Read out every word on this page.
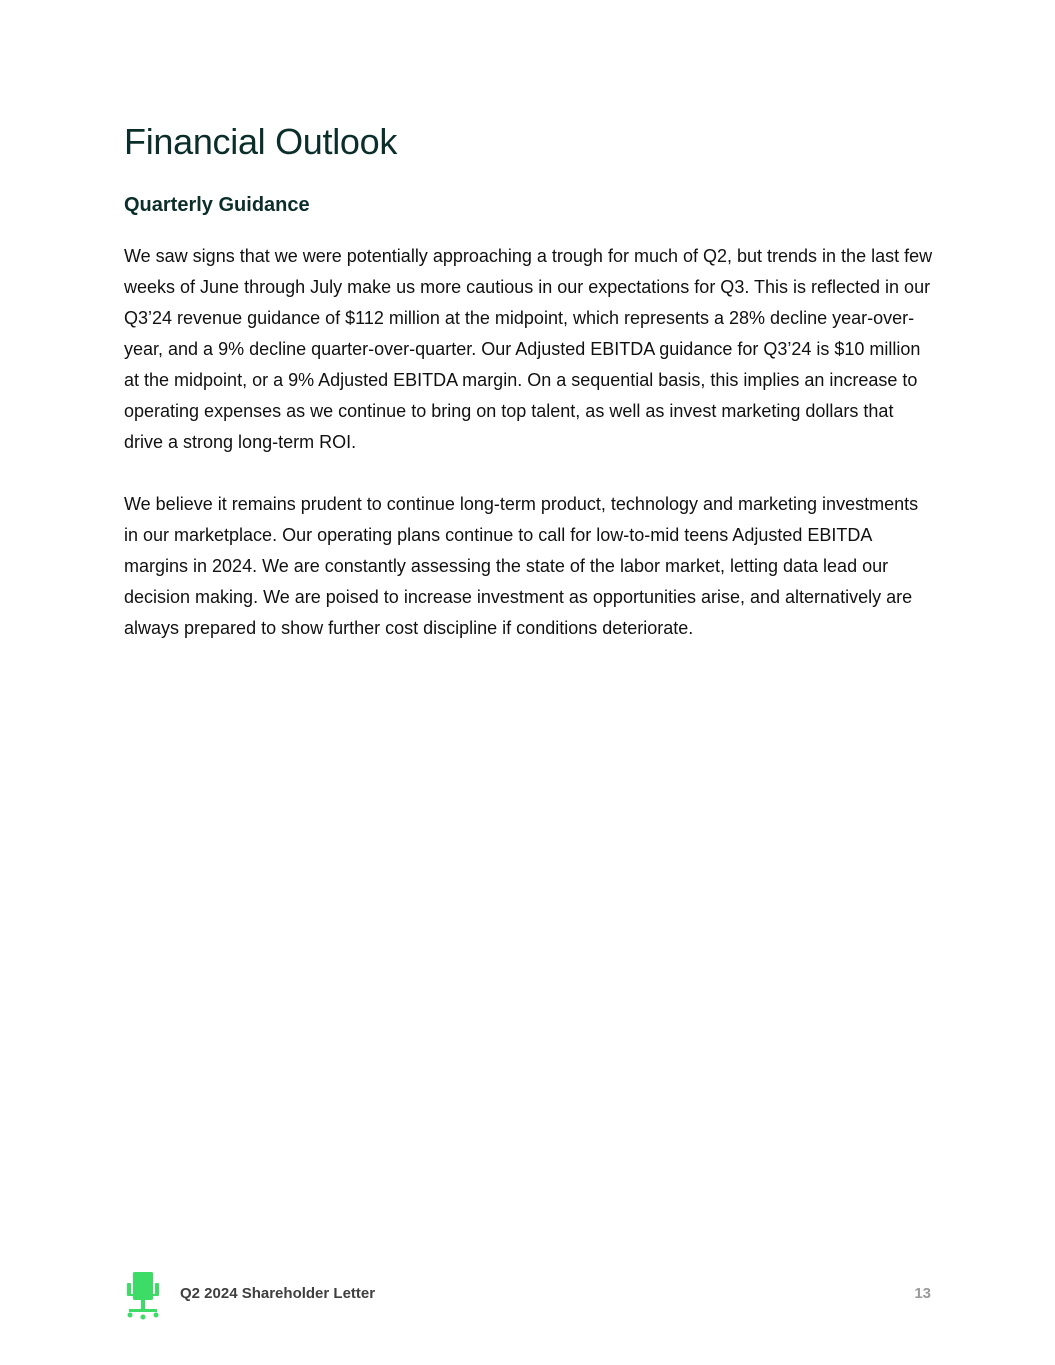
Financial Outlook
Quarterly Guidance

We saw signs that we were potentially approaching a trough for much of Q2, but trends in the last few weeks of June through July make us more cautious in our expectations for Q3. This is reflected in our Q3’24 revenue guidance of $112 million at the midpoint, which represents a 28% decline year-over-year, and a 9% decline quarter-over-quarter. Our Adjusted EBITDA guidance for Q3’24 is $10 million at the midpoint, or a 9% Adjusted EBITDA margin. On a sequential basis, this implies an increase to operating expenses as we continue to bring on top talent, as well as invest marketing dollars that drive a strong long-term ROI.

We believe it remains prudent to continue long-term product, technology and marketing investments in our marketplace. Our operating plans continue to call for low-to-mid teens Adjusted EBITDA margins in 2024. We are constantly assessing the state of the labor market, letting data lead our decision making. We are poised to increase investment as opportunities arise, and alternatively are always prepared to show further cost discipline if conditions deteriorate.

Q2 2024 Shareholder Letter	13
